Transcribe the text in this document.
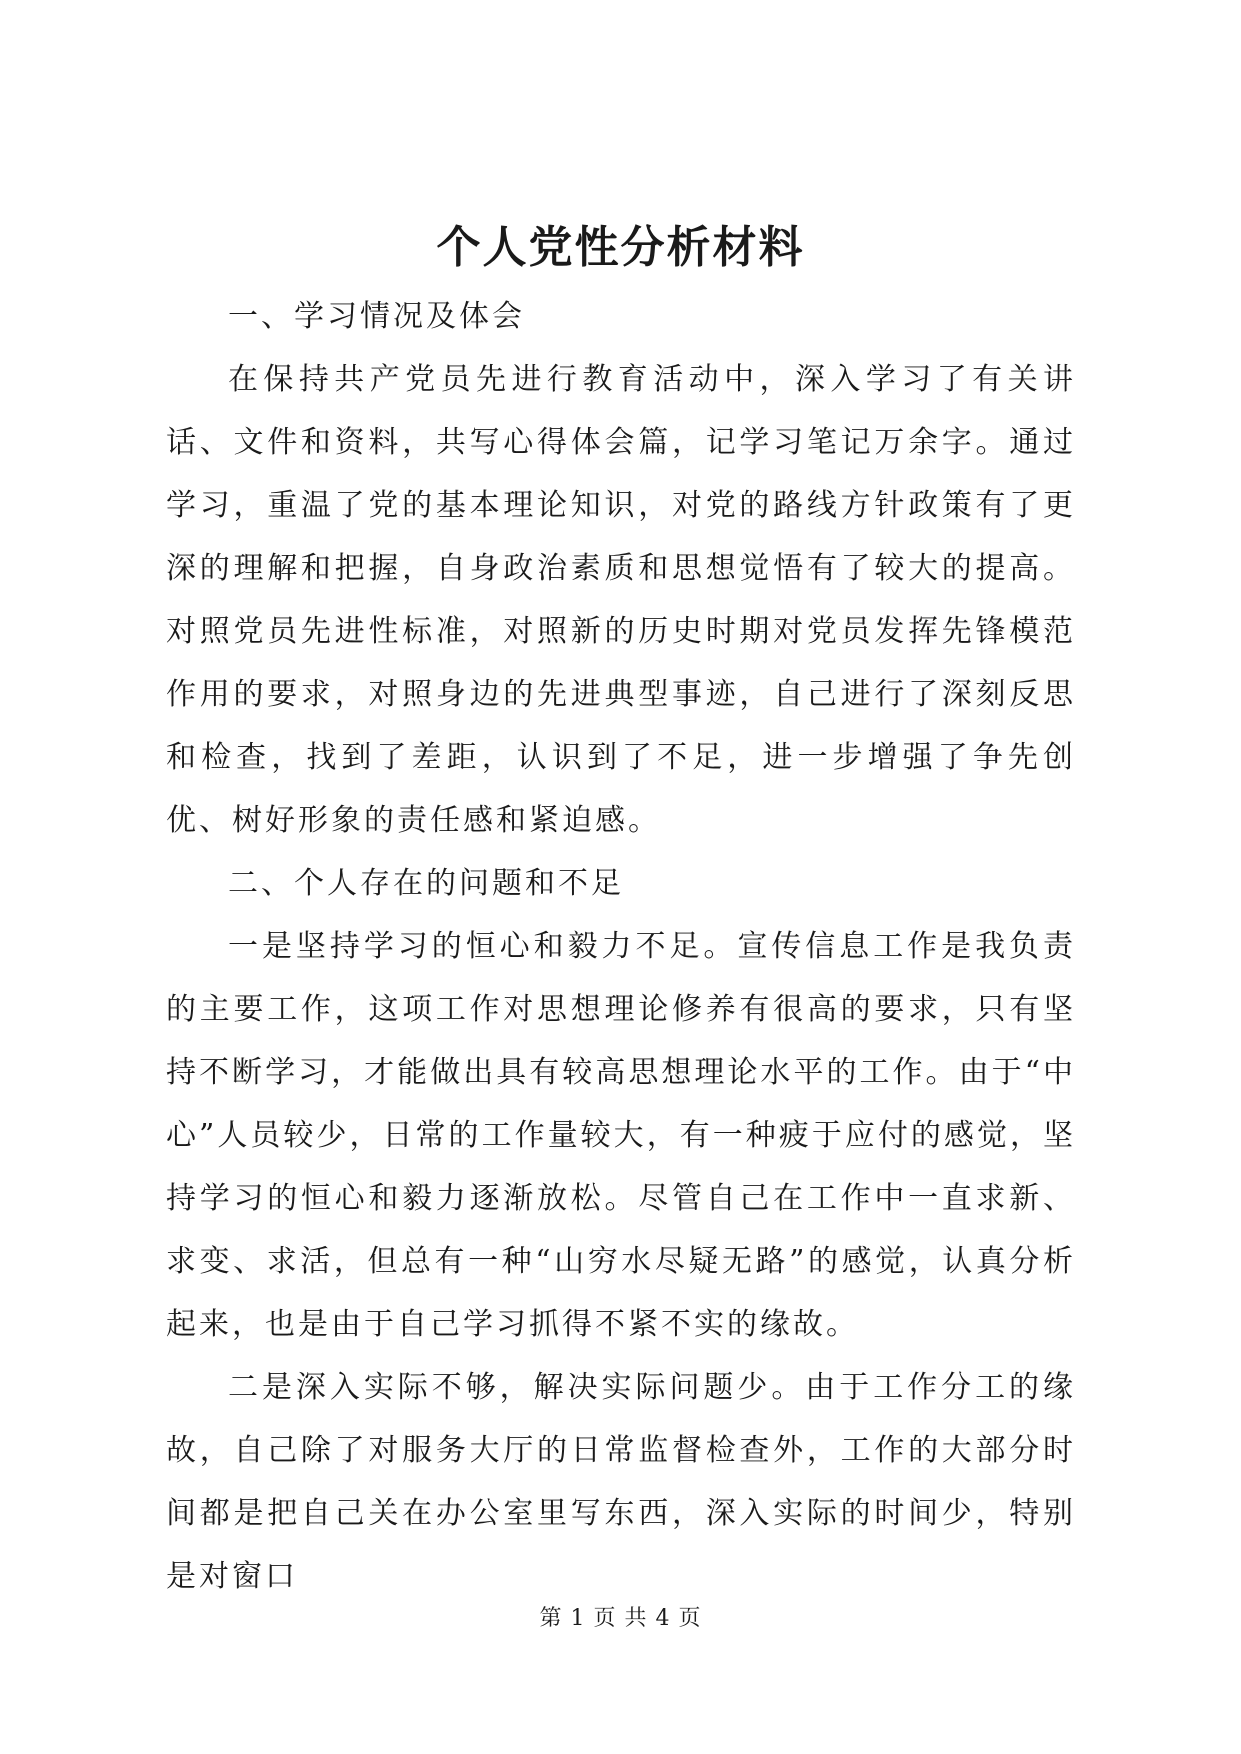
个人党性分析材料

一、学习情况及体会

在保持共产党员先进行教育活动中，深入学习了有关讲话、文件和资料，共写心得体会篇，记学习笔记万余字。通过学习，重温了党的基本理论知识，对党的路线方针政策有了更深的理解和把握，自身政治素质和思想觉悟有了较大的提高。对照党员先进性标准，对照新的历史时期对党员发挥先锋模范作用的要求，对照身边的先进典型事迹，自己进行了深刻反思和检查，找到了差距，认识到了不足，进一步增强了争先创优、树好形象的责任感和紧迫感。

二、个人存在的问题和不足

一是坚持学习的恒心和毅力不足。宣传信息工作是我负责的主要工作，这项工作对思想理论修养有很高的要求，只有坚持不断学习，才能做出具有较高思想理论水平的工作。由于“中心”人员较少，日常的工作量较大，有一种疲于应付的感觉，坚持学习的恒心和毅力逐渐放松。尽管自己在工作中一直求新、求变、求活，但总有一种“山穷水尽疑无路”的感觉，认真分析起来，也是由于自己学习抓得不紧不实的缘故。

二是深入实际不够，解决实际问题少。由于工作分工的缘故，自己除了对服务大厅的日常监督检查外，工作的大部分时间都是把自己关在办公室里写东西，深入实际的时间少，特别是对窗口

第 1 页 共 4 页
